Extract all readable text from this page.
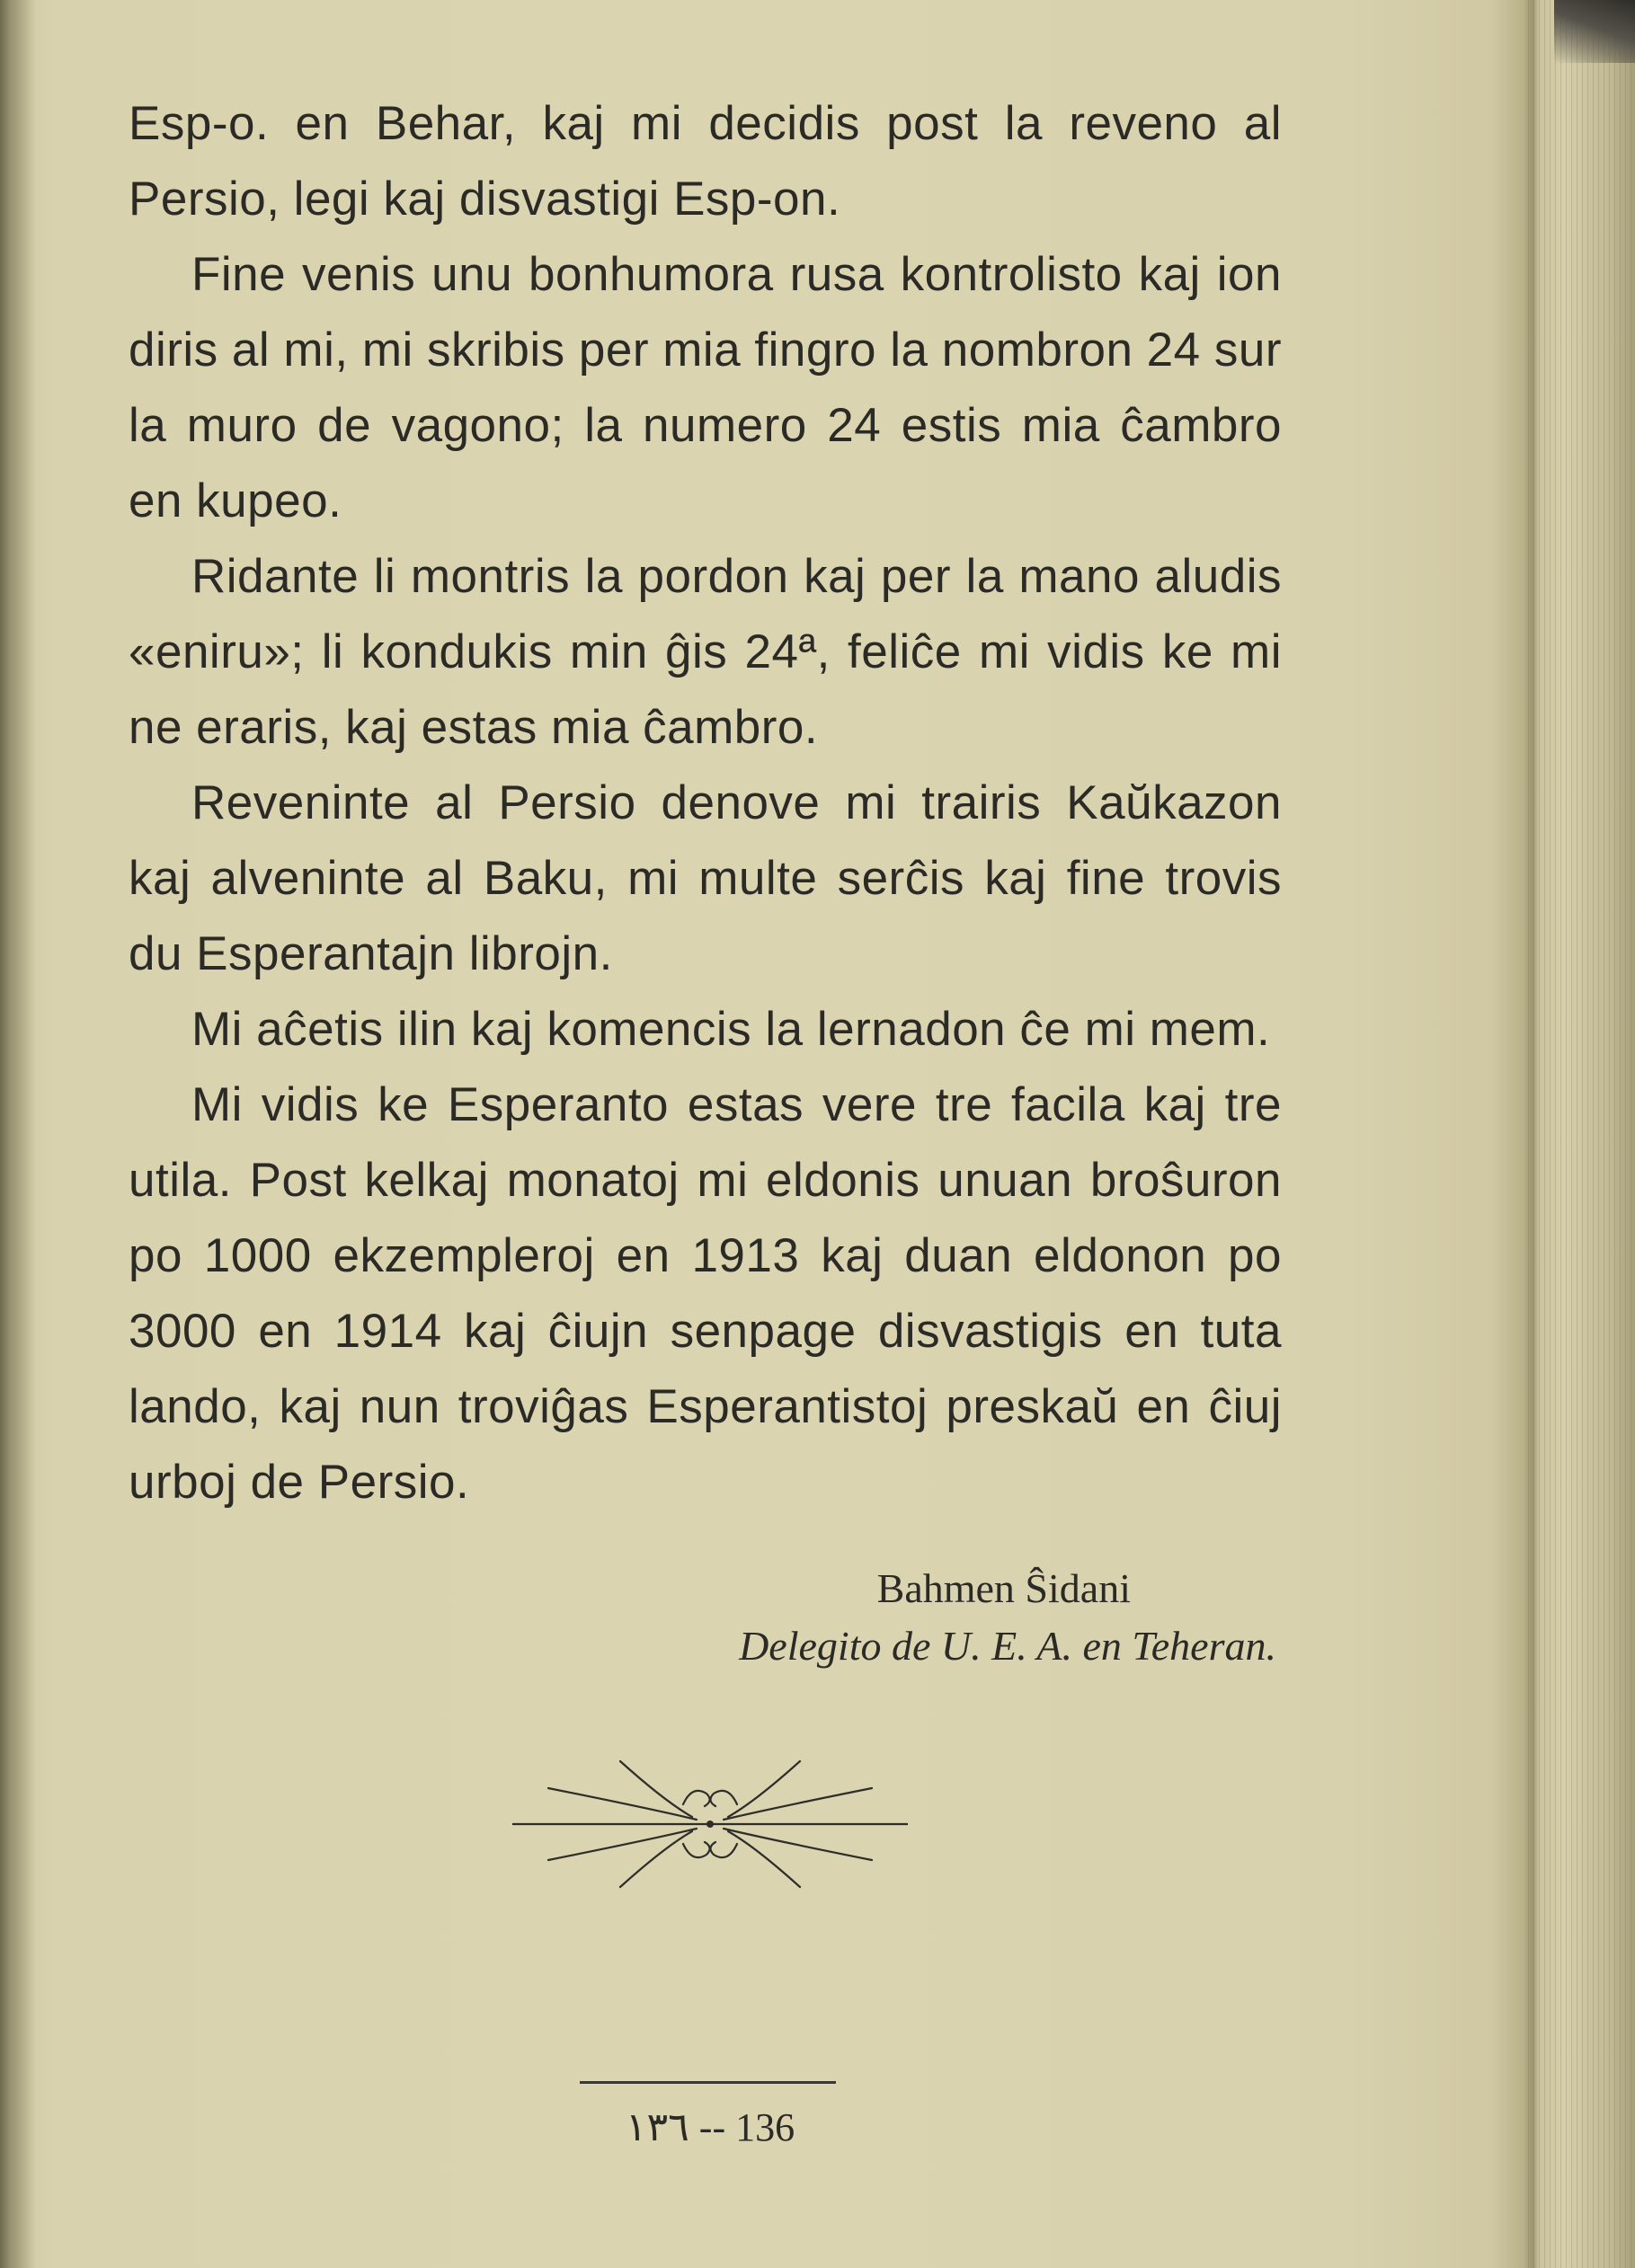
Esp-o. en Behar, kaj mi decidis post la reveno al Persio, legi kaj disvastigi Esp-on.

Fine venis unu bonhumora rusa kontrolisto kaj ion diris al mi, mi skribis per mia fingro la nombron 24 sur la muro de vagono; la numero 24 estis mia ĉambro en kupeo.

Ridante li montris la pordon kaj per la mano aludis «eniru»; li kondukis min ĝis 24ª, feliĉe mi vidis ke mi ne eraris, kaj estas mia ĉambro.

Reveninte al Persio denove mi trairis Kaŭkazon kaj alveninte al Baku, mi multe serĉis kaj fine trovis du Esperantajn librojn.

Mi aĉetis ilin kaj komencis la lernadon ĉe mi mem.

Mi vidis ke Esperanto estas vere tre facila kaj tre utila. Post kelkaj monatoj mi eldonis unuan broŝuron po 1000 ekzempleroj en 1913 kaj duan eldonon po 3000 en 1914 kaj ĉiujn senpage disvastigis en tuta lando, kaj nun troviĝas Esperantistoj preskaŭ en ĉiuj urboj de Persio.

Bahmen Ŝidani
Delegito de U. E. A. en Teheran.
١٣٦ -- 136
